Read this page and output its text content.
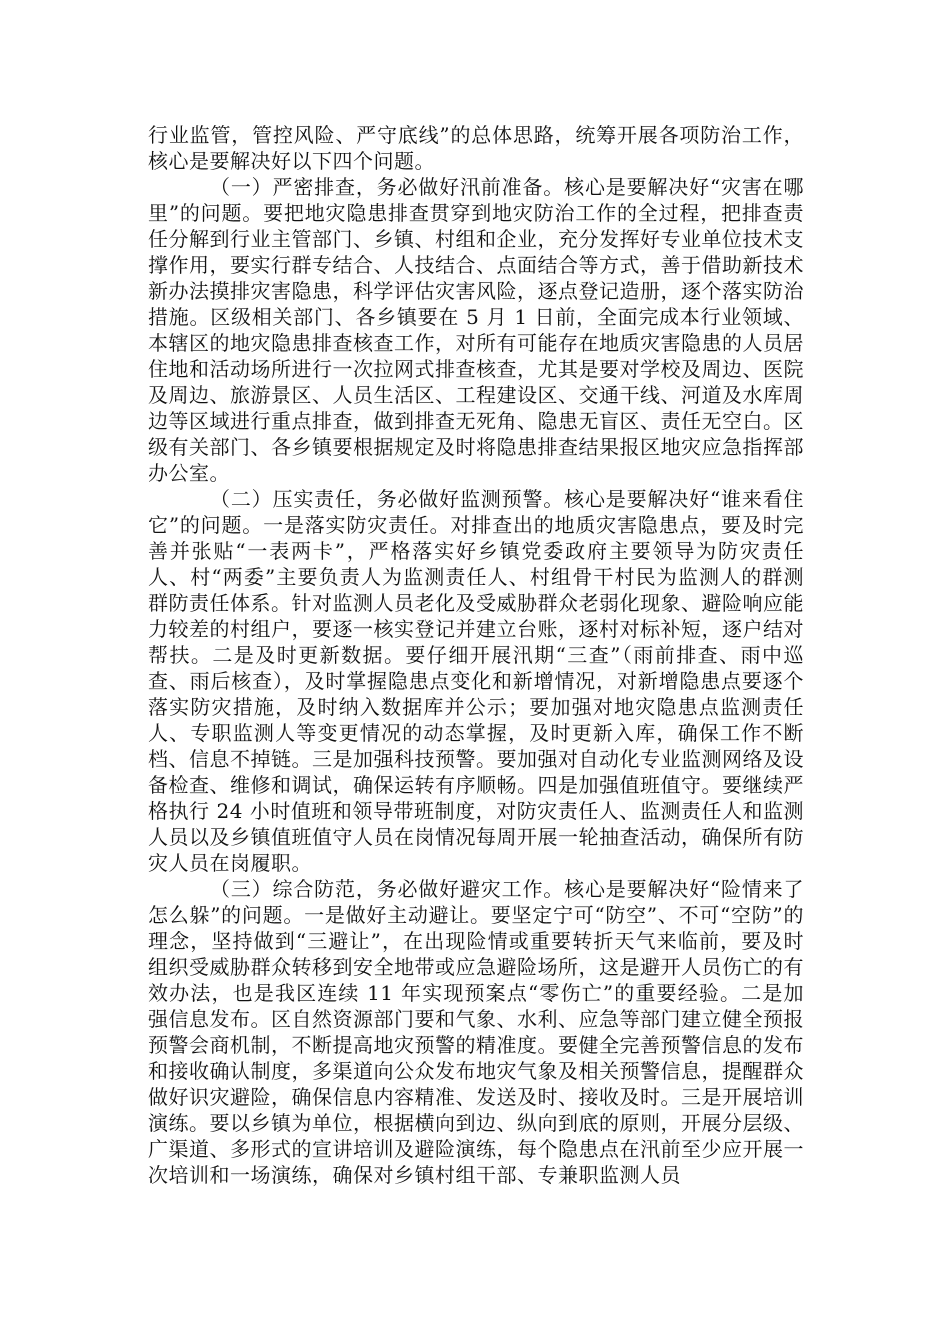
行业监管，管控风险、严守底线”的总体思路，统筹开展各项防治工作，核心是要解决好以下四个问题。

（一）严密排查，务必做好汛前准备。核心是要解决好“灾害在哪里”的问题。要把地灾隐患排查贯穿到地灾防治工作的全过程，把排查责任分解到行业主管部门、乡镇、村组和企业，充分发挥好专业单位技术支撑作用，要实行群专结合、人技结合、点面结合等方式，善于借助新技术新办法摸排灾害隐患，科学评估灾害风险，逐点登记造册，逐个落实防治措施。区级相关部门、各乡镇要在 5 月 1 日前，全面完成本行业领域、本辖区的地灾隐患排查核查工作，对所有可能存在地质灾害隐患的人员居住地和活动场所进行一次拉网式排查核查，尤其是要对学校及周边、医院及周边、旅游景区、人员生活区、工程建设区、交通干线、河道及水库周边等区域进行重点排查，做到排查无死角、隐患无盲区、责任无空白。区级有关部门、各乡镇要根据规定及时将隐患排查结果报区地灾应急指挥部办公室。

（二）压实责任，务必做好监测预警。核心是要解决好“谁来看住它”的问题。一是落实防灾责任。对排查出的地质灾害隐患点，要及时完善并张贴“一表两卡”，严格落实好乡镇党委政府主要领导为防灾责任人、村“两委”主要负责人为监测责任人、村组骨干村民为监测人的群测群防责任体系。针对监测人员老化及受威胁群众老弱化现象、避险响应能力较差的村组户，要逐一核实登记并建立台账，逐村对标补短，逐户结对帮扶。二是及时更新数据。要仔细开展汛期“三查”（雨前排查、雨中巡查、雨后核查），及时掌握隐患点变化和新增情况，对新增隐患点要逐个落实防灾措施，及时纳入数据库并公示；要加强对地灾隐患点监测责任人、专职监测人等变更情况的动态掌握，及时更新入库，确保工作不断档、信息不掉链。三是加强科技预警。要加强对自动化专业监测网络及设备检查、维修和调试，确保运转有序顺畅。四是加强值班值守。要继续严格执行 24 小时值班和领导带班制度，对防灾责任人、监测责任人和监测人员以及乡镇值班值守人员在岗情况每周开展一轮抽查活动，确保所有防灾人员在岗履职。

（三）综合防范，务必做好避灾工作。核心是要解决好“险情来了怎么躲”的问题。一是做好主动避让。要坚定宁可“防空”、不可“空防”的理念，坚持做到“三避让”，在出现险情或重要转折天气来临前，要及时组织受威胁群众转移到安全地带或应急避险场所，这是避开人员伤亡的有效办法，也是我区连续 11 年实现预案点“零伤亡”的重要经验。二是加强信息发布。区自然资源部门要和气象、水利、应急等部门建立健全预报预警会商机制，不断提高地灾预警的精准度。要健全完善预警信息的发布和接收确认制度，多渠道向公众发布地灾气象及相关预警信息，提醒群众做好识灾避险，确保信息内容精准、发送及时、接收及时。三是开展培训演练。要以乡镇为单位，根据横向到边、纵向到底的原则，开展分层级、广渠道、多形式的宣讲培训及避险演练，每个隐患点在汛前至少应开展一次培训和一场演练，确保对乡镇村组干部、专兼职监测人员
